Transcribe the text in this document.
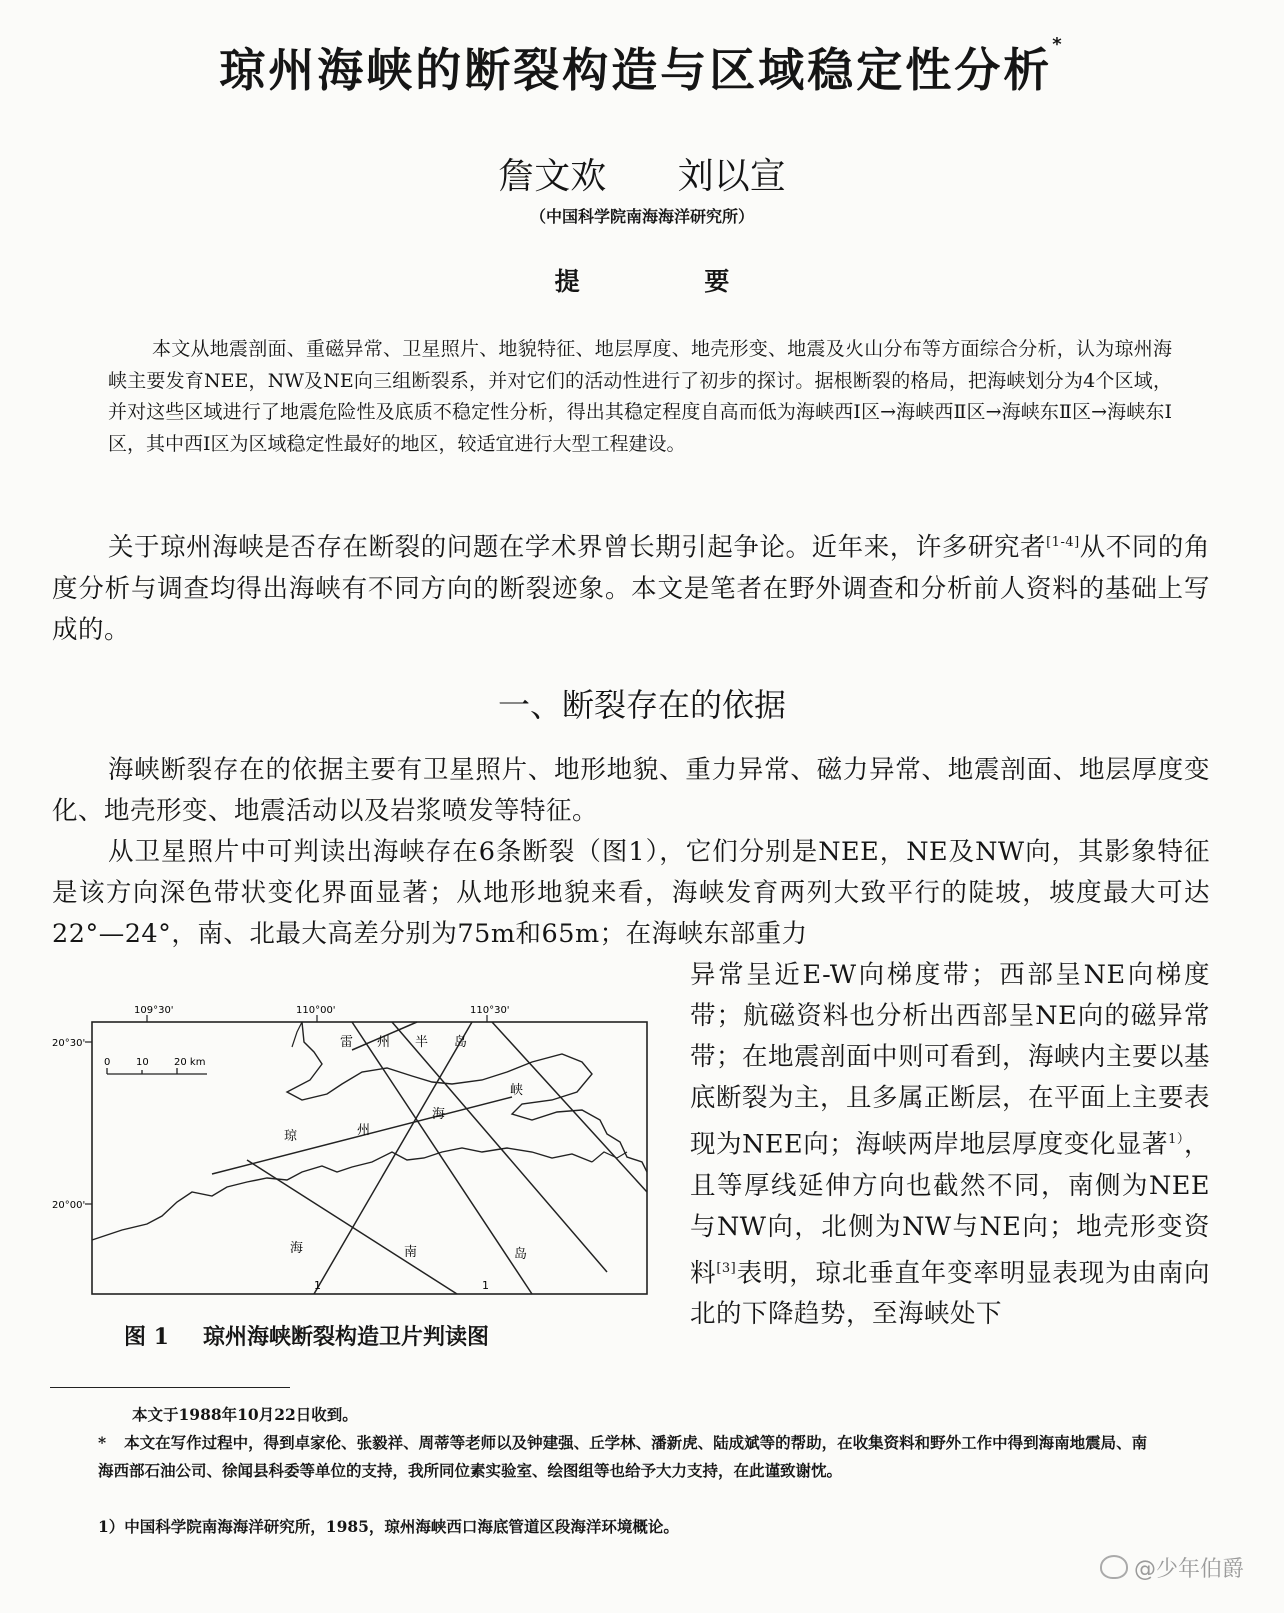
琼州海峡的断裂构造与区域稳定性分析*
詹文欢 刘以宣
（中国科学院南海海洋研究所）
提 要
本文从地震剖面、重磁异常、卫星照片、地貌特征、地层厚度、地壳形变、地震及火山分布等方面综合分析，认为琼州海峡主要发育NEE，NW及NE向三组断裂系，并对它们的活动性进行了初步的探讨。据根断裂的格局，把海峡划分为4个区域，并对这些区域进行了地震危险性及底质不稳定性分析，得出其稳定程度自高而低为海峡西Ⅰ区→海峡西Ⅱ区→海峡东Ⅱ区→海峡东Ⅰ区，其中西Ⅰ区为区域稳定性最好的地区，较适宜进行大型工程建设。
关于琼州海峡是否存在断裂的问题在学术界曾长期引起争论。近年来，许多研究者[1-4]从不同的角度分析与调查均得出海峡有不同方向的断裂迹象。本文是笔者在野外调查和分析前人资料的基础上写成的。
一、断裂存在的依据
海峡断裂存在的依据主要有卫星照片、地形地貌、重力异常、磁力异常、地震剖面、地层厚度变化、地壳形变、地震活动以及岩浆喷发等特征。
从卫星照片中可判读出海峡存在6条断裂（图1），它们分别是NEE，NE及NW向，其影象特征是该方向深色带状变化界面显著；从地形地貌来看，海峡发育两列大致平行的陡坡，坡度最大可达22°—24°，南、北最大高差分别为75m和65m；在海峡东部重力
异常呈近E-W向梯度带；西部呈NE向梯度带；航磁资料也分析出西部呈NE向的磁异常带；在地震剖面中则可看到，海峡内主要以基底断裂为主，且多属正断层，在平面上主要表现为NEE向；海峡两岸地层厚度变化显著$^{1)}$，且等厚线延伸方向也截然不同，南侧为NEE与NW向，北侧为NW与NE向；地壳形变资料[3]表明，琼北垂直年变率明显表现为由南向北的下降趋势，至海峡处下
109°30'	110°00'	110°30'
20°30'
20°00'
0	10	20 km
雷 州 半 岛
琼	州
海
峡
海	南	岛
1	1
图 1 琼州海峡断裂构造卫片判读图
本文于1988年10月22日收到。
* 本文在写作过程中，得到卓家伦、张毅祥、周蒂等老师以及钟建强、丘学林、潘新虎、陆成斌等的帮助，在收集资料和野外工作中得到海南地震局、南海西部石油公司、徐闻县科委等单位的支持，我所同位素实验室、绘图组等也给予大力支持，在此谨致谢忱。
1）中国科学院南海海洋研究所，1985，琼州海峡西口海底管道区段海洋环境概论。
@少年伯爵
